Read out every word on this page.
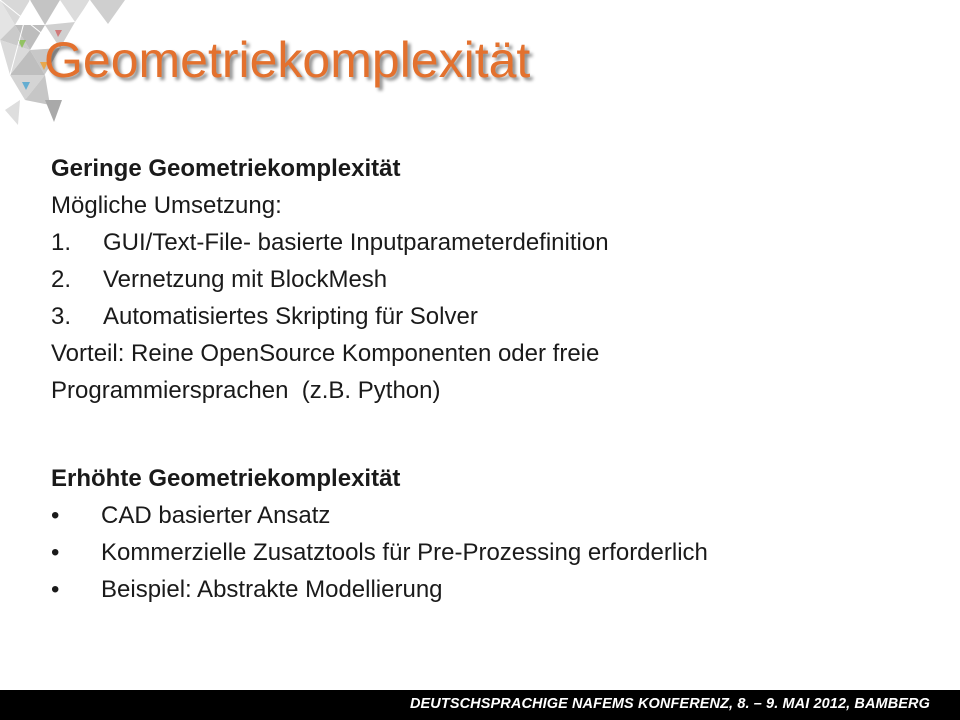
Geometriekomplexität
Geringe Geometriekomplexität
Mögliche Umsetzung:
1.	GUI/Text-File- basierte Inputparameterdefinition
2.	Vernetzung mit BlockMesh
3.	Automatisiertes Skripting für Solver
Vorteil: Reine OpenSource Komponenten oder freie
Programmiersprachen  (z.B. Python)
Erhöhte Geometriekomplexität
•	CAD basierter Ansatz
•	Kommerzielle Zusatztools für Pre-Prozessing erforderlich
•	Beispiel: Abstrakte Modellierung
DEUTSCHSPRACHIGE NAFEMS KONFERENZ, 8. – 9. MAI 2012, BAMBERG
